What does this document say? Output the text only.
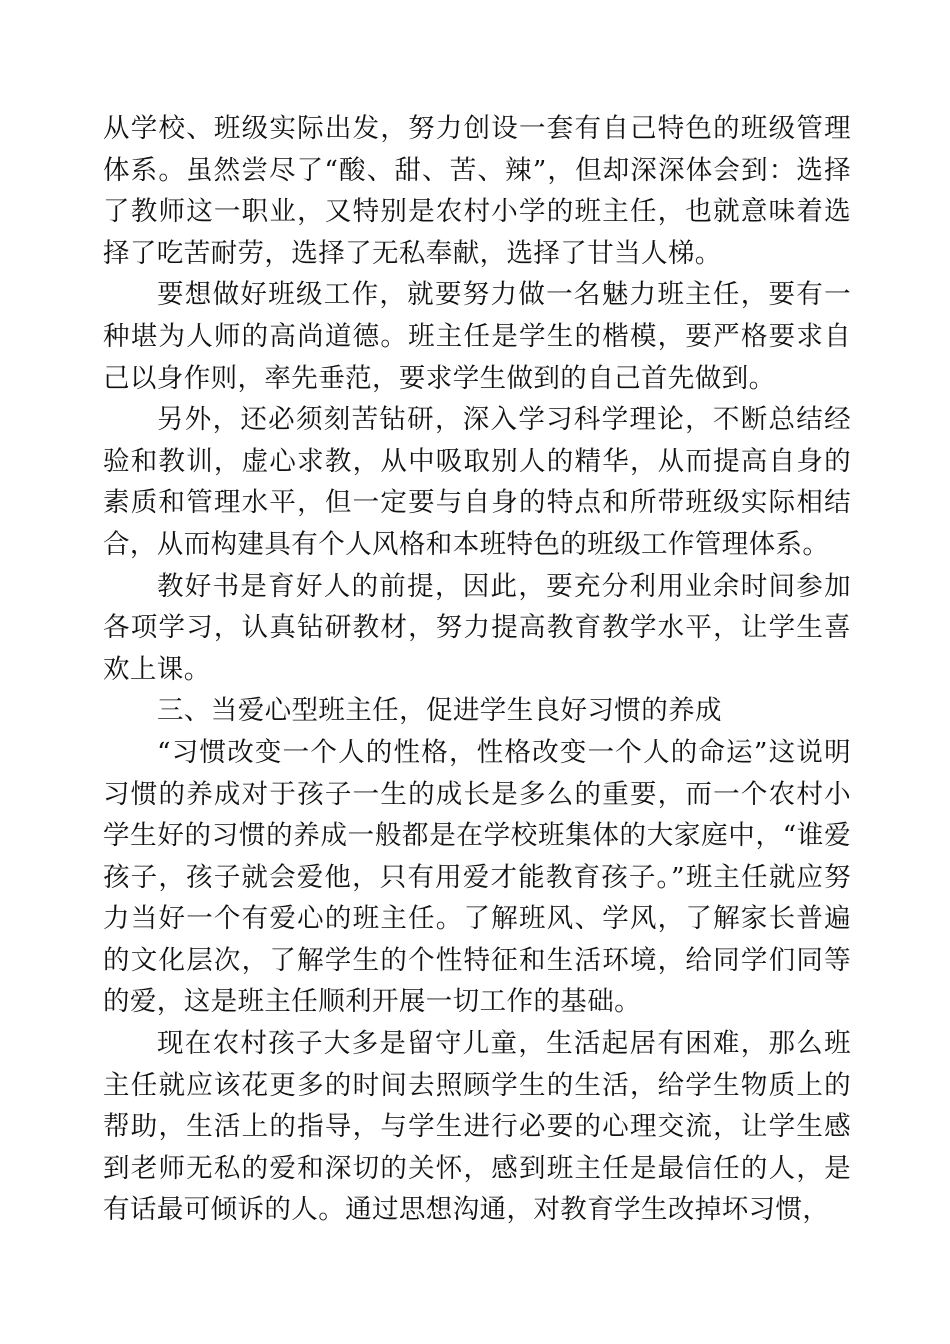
从学校、班级实际出发，努力创设一套有自己特色的班级管理体系。虽然尝尽了“酸、甜、苦、辣”，但却深深体会到：选择了教师这一职业，又特别是农村小学的班主任，也就意味着选择了吃苦耐劳，选择了无私奉献，选择了甘当人梯。

要想做好班级工作，就要努力做一名魅力班主任，要有一种堪为人师的高尚道德。班主任是学生的楷模，要严格要求自己以身作则，率先垂范，要求学生做到的自己首先做到。

另外，还必须刻苦钻研，深入学习科学理论，不断总结经验和教训，虚心求教，从中吸取别人的精华，从而提高自身的素质和管理水平，但一定要与自身的特点和所带班级实际相结合，从而构建具有个人风格和本班特色的班级工作管理体系。

教好书是育好人的前提，因此，要充分利用业余时间参加各项学习，认真钻研教材，努力提高教育教学水平，让学生喜欢上课。

三、当爱心型班主任，促进学生良好习惯的养成

“习惯改变一个人的性格，性格改变一个人的命运”这说明习惯的养成对于孩子一生的成长是多么的重要，而一个农村小学生好的习惯的养成一般都是在学校班集体的大家庭中，“谁爱孩子，孩子就会爱他，只有用爱才能教育孩子。”班主任就应努力当好一个有爱心的班主任。了解班风、学风，了解家长普遍的文化层次，了解学生的个性特征和生活环境，给同学们同等的爱，这是班主任顺利开展一切工作的基础。

现在农村孩子大多是留守儿童，生活起居有困难，那么班主任就应该花更多的时间去照顾学生的生活，给学生物质上的帮助，生活上的指导，与学生进行必要的心理交流，让学生感到老师无私的爱和深切的关怀，感到班主任是最信任的人，是有话最可倾诉的人。通过思想沟通，对教育学生改掉坏习惯，
